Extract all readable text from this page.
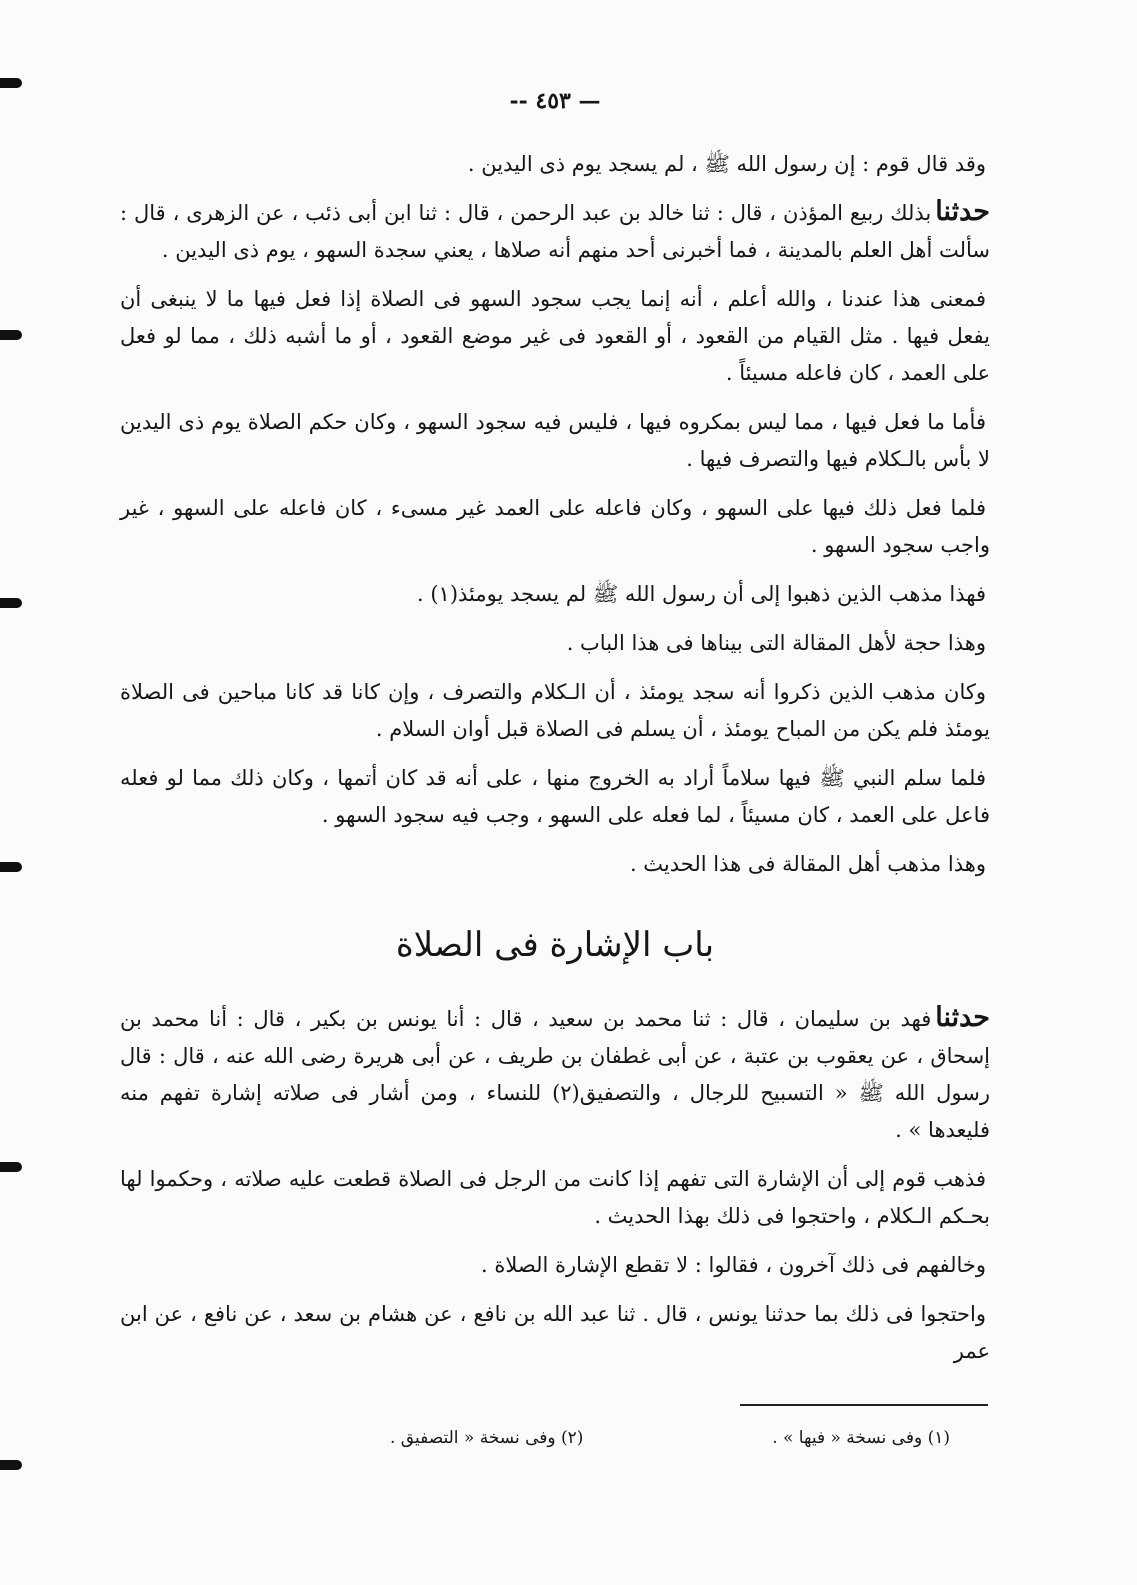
— ٤٥٣ --

وقد قال قوم : إن رسول الله ﷺ ، لم يسجد يوم ذى اليدين .

حدثنابذلك ربيع المؤذن ، قال : ثنا خالد بن عبد الرحمن ، قال : ثنا ابن أبى ذئب ، عن الزهرى ، قال : سألت أهل العلم بالمدينة ، فما أخبرنى أحد منهم أنه صلاها ، يعني سجدة السهو ، يوم ذى اليدين .

فمعنى هذا عندنا ، والله أعلم ، أنه إنما يجب سجود السهو فى الصلاة إذا فعل فيها ما لا ينبغى أن يفعل فيها . مثل القيام من القعود ، أو القعود فى غير موضع القعود ، أو ما أشبه ذلك ، مما لو فعل على العمد ، كان فاعله مسيئاً .

فأما ما فعل فيها ، مما ليس بمكروه فيها ، فليس فيه سجود السهو ، وكان حكم الصلاة يوم ذى اليدين لا بأس بالـكلام فيها والتصرف فيها .

فلما فعل ذلك فيها على السهو ، وكان فاعله على العمد غير مسىء ، كان فاعله على السهو ، غير واجب سجود السهو .

فهذا مذهب الذين ذهبوا إلى أن رسول الله ﷺ لم يسجد يومئذ(١) .

وهذا حجة لأهل المقالة التى بيناها فى هذا الباب .

وكان مذهب الذين ذكروا أنه سجد يومئذ ، أن الـكلام والتصرف ، وإن كانا قد كانا مباحين فى الصلاة يومئذ فلم يكن من المباح يومئذ ، أن يسلم فى الصلاة قبل أوان السلام .

فلما سلم النبي ﷺ فيها سلاماً أراد به الخروج منها ، على أنه قد كان أتمها ، وكان ذلك مما لو فعله فاعل على العمد ، كان مسيئاً ، لما فعله على السهو ، وجب فيه سجود السهو .

وهذا مذهب أهل المقالة فى هذا الحديث .

باب الإشارة فى الصلاة

حدثنافهد بن سليمان ، قال : ثنا محمد بن سعيد ، قال : أنا يونس بن بكير ، قال : أنا محمد بن إسحاق ، عن يعقوب بن عتبة ، عن أبى غطفان بن طريف ، عن أبى هريرة رضى الله عنه ، قال : قال رسول الله ﷺ « التسبيح للرجال ، والتصفيق(٢) للنساء ، ومن أشار فى صلاته إشارة تفهم منه فليعدها » .

فذهب قوم إلى أن الإشارة التى تفهم إذا كانت من الرجل فى الصلاة قطعت عليه صلاته ، وحكموا لها بحـكم الـكلام ، واحتجوا فى ذلك بهذا الحديث .

وخالفهم فى ذلك آخرون ، فقالوا : لا تقطع الإشارة الصلاة .

واحتجوا فى ذلك بما حدثنا يونس ، قال . ثنا عبد الله بن نافع ، عن هشام بن سعد ، عن نافع ، عن ابن عمر

(١) وفى نسخة « فيها » .
(٢) وفى نسخة « التصفيق .
